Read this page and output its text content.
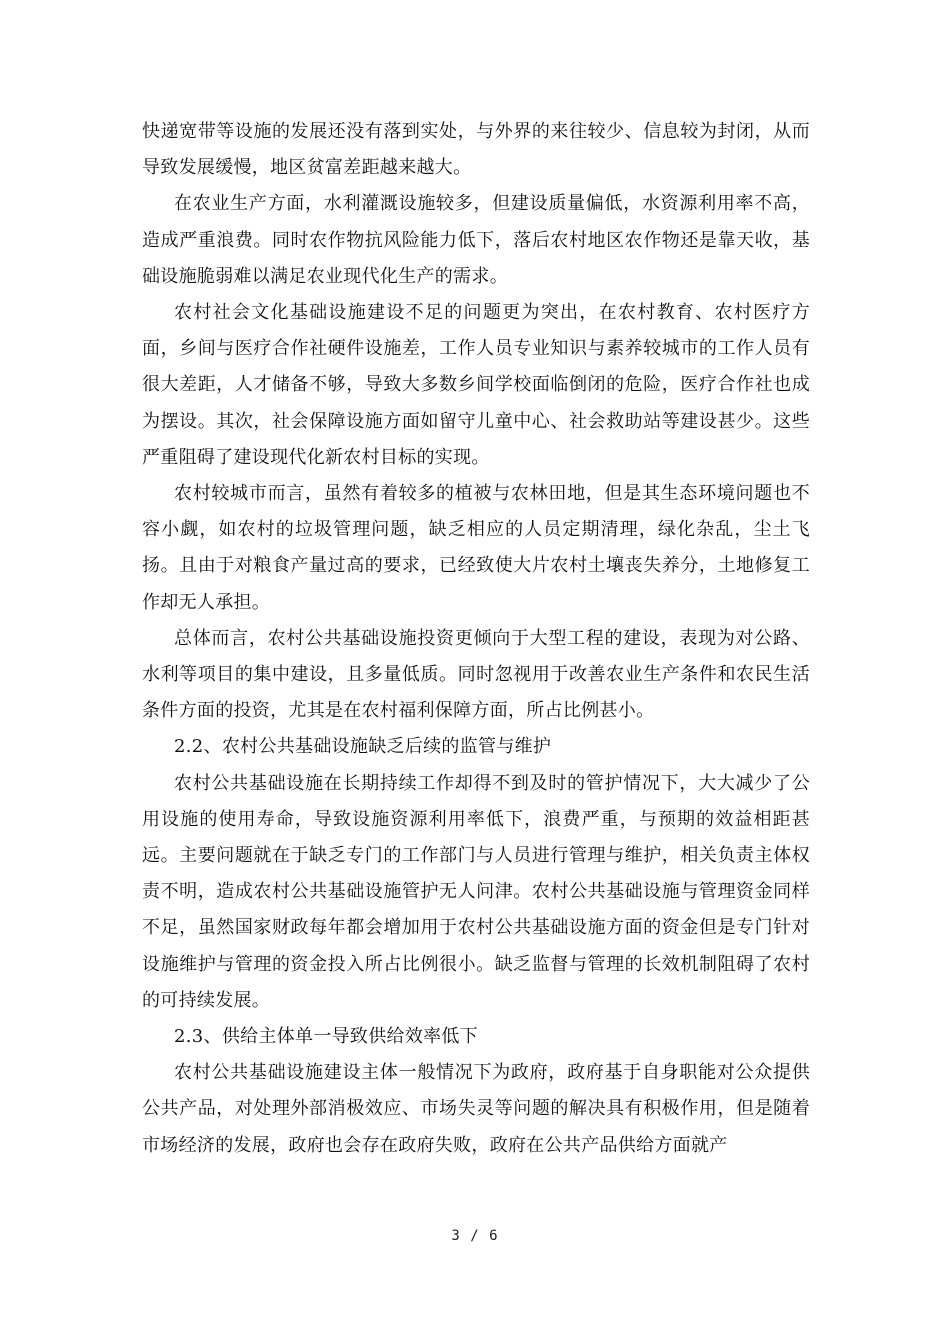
快递宽带等设施的发展还没有落到实处，与外界的来往较少、信息较为封闭，从而导致发展缓慢，地区贫富差距越来越大。

在农业生产方面，水利灌溉设施较多，但建设质量偏低，水资源利用率不高，造成严重浪费。同时农作物抗风险能力低下，落后农村地区农作物还是靠天收，基础设施脆弱难以满足农业现代化生产的需求。

农村社会文化基础设施建设不足的问题更为突出，在农村教育、农村医疗方面，乡间与医疗合作社硬件设施差，工作人员专业知识与素养较城市的工作人员有很大差距，人才储备不够，导致大多数乡间学校面临倒闭的危险，医疗合作社也成为摆设。其次，社会保障设施方面如留守儿童中心、社会救助站等建设甚少。这些严重阻碍了建设现代化新农村目标的实现。

农村较城市而言，虽然有着较多的植被与农林田地，但是其生态环境问题也不容小觑，如农村的垃圾管理问题，缺乏相应的人员定期清理，绿化杂乱，尘土飞扬。且由于对粮食产量过高的要求，已经致使大片农村土壤丧失养分，土地修复工作却无人承担。

总体而言，农村公共基础设施投资更倾向于大型工程的建设，表现为对公路、水利等项目的集中建设，且多量低质。同时忽视用于改善农业生产条件和农民生活条件方面的投资，尤其是在农村福利保障方面，所占比例甚小。

2.2、农村公共基础设施缺乏后续的监管与维护

农村公共基础设施在长期持续工作却得不到及时的管护情况下，大大减少了公用设施的使用寿命，导致设施资源利用率低下，浪费严重，与预期的效益相距甚远。主要问题就在于缺乏专门的工作部门与人员进行管理与维护，相关负责主体权责不明，造成农村公共基础设施管护无人问津。农村公共基础设施与管理资金同样不足，虽然国家财政每年都会增加用于农村公共基础设施方面的资金但是专门针对设施维护与管理的资金投入所占比例很小。缺乏监督与管理的长效机制阻碍了农村的可持续发展。

2.3、供给主体单一导致供给效率低下

农村公共基础设施建设主体一般情况下为政府，政府基于自身职能对公众提供公共产品，对处理外部消极效应、市场失灵等问题的解决具有积极作用，但是随着市场经济的发展，政府也会存在政府失败，政府在公共产品供给方面就产

3 / 6
